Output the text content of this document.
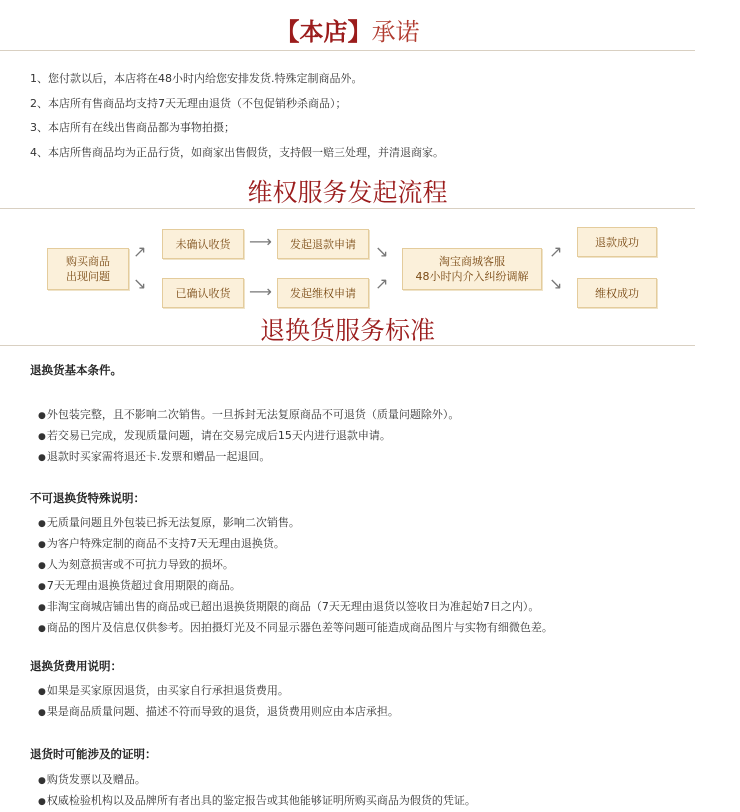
【本店】承诺
1、您付款以后，本店将在48小时内给您安排发货.特殊定制商品外。
2、本店所有售商品均支持7天无理由退货（不包促销秒杀商品）；
3、本店所有在线出售商品都为事物拍摄；
4、本店所售商品均为正品行货，如商家出售假货，支持假一赔三处理，并清退商家。
维权服务发起流程
购买商品
出现问题
↗
↘
未确认收货
已确认收货
⟶
⟶
发起退款申请
发起维权申请
↘
↗
淘宝商城客服
48小时内介入纠纷调解
↗
↘
退款成功
维权成功
退换货服务标准
退换货基本条件。
●外包装完整，且不影响二次销售。一旦拆封无法复原商品不可退货（质量问题除外）。
●若交易已完成，发现质量问题，请在交易完成后15天内进行退款申请。
●退款时买家需将退还卡.发票和赠品一起退回。
不可退换货特殊说明：
●无质量问题且外包装已拆无法复原，影响二次销售。
●为客户特殊定制的商品不支持7天无理由退换货。
●人为刻意损害或不可抗力导致的损坏。
●7天无理由退换货超过食用期限的商品。
●非淘宝商城店铺出售的商品或已超出退换货期限的商品（7天无理由退货以签收日为准起始7日之内）。
●商品的图片及信息仅供参考。因拍摄灯光及不同显示器色差等问题可能造成商品图片与实物有细微色差。
退换货费用说明：
●如果是买家原因退货，由买家自行承担退货费用。
●果是商品质量问题、描述不符而导致的退货，退货费用则应由本店承担。
退货时可能涉及的证明：
●购货发票以及赠品。
●权威检验机构以及品牌所有者出具的鉴定报告或其他能够证明所购买商品为假货的凭证。
